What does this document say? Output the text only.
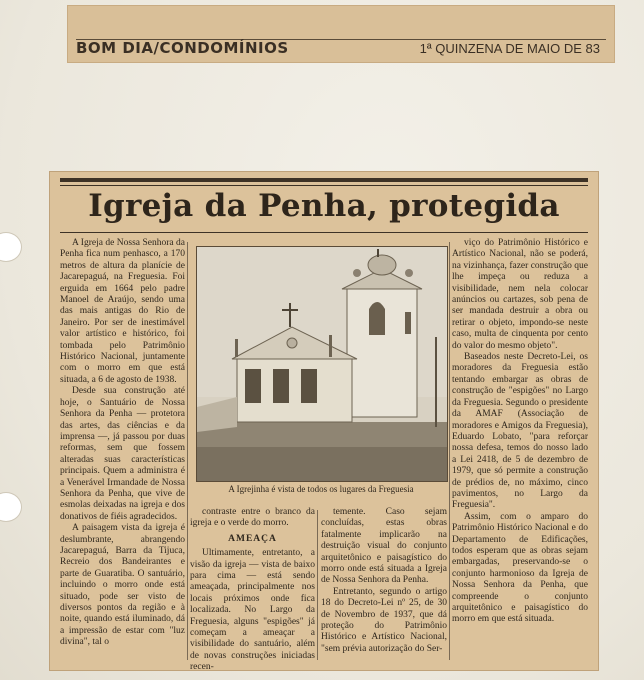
BOM DIA/CONDOMÍNIOS	1ª QUINZENA DE MAIO DE 83
Igreja da Penha, protegida

A Igreja de Nossa Senhora da Penha fica num penhasco, a 170 metros de altura da planície de Jacarepaguá, na Freguesia. Foi erguida em 1664 pelo padre Manoel de Araújo, sendo uma das mais antigas do Rio de Janeiro. Por ser de inestimável valor artístico e histórico, foi tombada pelo Patrimônio Histórico Nacional, juntamente com o morro em que está situada, a 6 de agosto de 1938.

Desde sua construção até hoje, o Santuário de Nossa Senhora da Penha — protetora das artes, das ciências e da imprensa —, já passou por duas reformas, sem que fossem alteradas suas características principais. Quem a administra é a Venerável Irmandade de Nossa Senhora da Penha, que vive de esmolas deixadas na igreja e dos donativos de fiéis agradecidos.

A paisagem vista da igreja é deslumbrante, abrangendo Jacarepaguá, Barra da Tijuca, Recreio dos Bandeirantes e parte de Guaratiba. O santuário, incluindo o morro onde está situado, pode ser visto de diversos pontos da região e à noite, quando está iluminado, dá a impressão de estar com "luz divina", tal o

A Igrejinha é vista de todos os lugares da Freguesia

contraste entre o branco da igreja e o verde do morro.

AMEAÇA

Ultimamente, entretanto, a visão da igreja — vista de baixo para cima — está sendo ameaçada, principalmente nos locais próximos onde fica localizada. No Largo da Freguesia, alguns "espigões" já começam a ameaçar a visibilidade do santuário, além de novas construções iniciadas recen-

temente. Caso sejam concluídas, estas obras fatalmente implicarão na destruição visual do conjunto arquitetônico e paisagístico do morro onde está situada a Igreja de Nossa Senhora da Penha.

Entretanto, segundo o artigo 18 do Decreto-Lei nº 25, de 30 de Novembro de 1937, que dá proteção do Patrimônio Histórico e Artístico Nacional, "sem prévia autorização do Ser-

viço do Patrimônio Histórico e Artístico Nacional, não se poderá, na vizinhança, fazer construção que lhe impeça ou reduza a visibilidade, nem nela colocar anúncios ou cartazes, sob pena de ser mandada destruir a obra ou retirar o objeto, impondo-se neste caso, multa de cinquenta por cento do valor do mesmo objeto".

Baseados neste Decreto-Lei, os moradores da Freguesia estão tentando embargar as obras de construção de "espigões" no Largo da Freguesia. Segundo o presidente da AMAF (Associação de moradores e Amigos da Freguesia), Eduardo Lobato, "para reforçar nossa defesa, temos do nosso lado a Lei 2418, de 5 de dezembro de 1979, que só permite a construção de prédios de, no máximo, cinco pavimentos, no Largo da Freguesia".

Assim, com o amparo do Patrimônio Histórico Nacional e do Departamento de Edificações, todos esperam que as obras sejam embargadas, preservando-se o conjunto harmonioso da Igreja de Nossa Senhora da Penha, que compreende o conjunto arquitetônico e paisagístico do morro em que está situada.
